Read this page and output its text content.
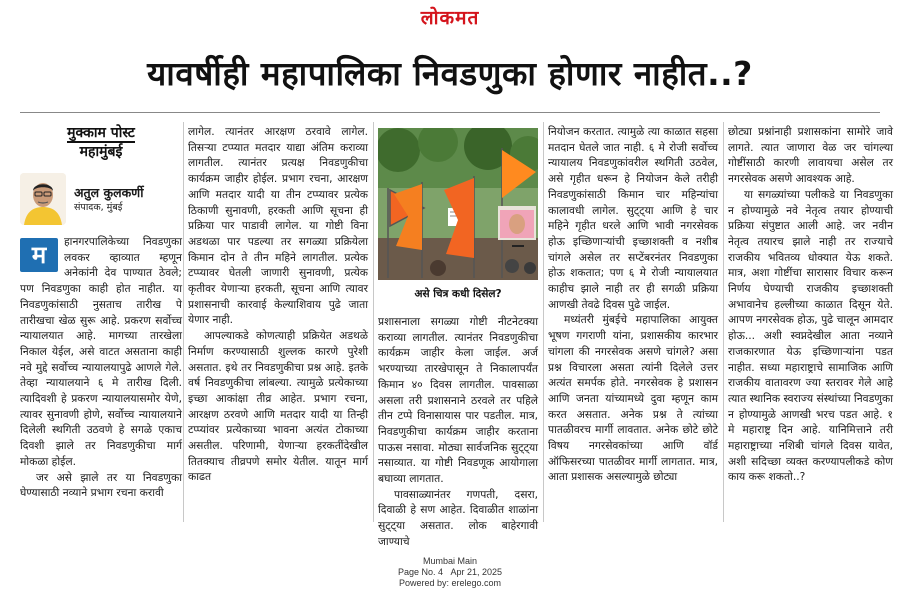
लोकमत
यावर्षीही महापालिका निवडणुका होणार नाहीत..?
मुक्काम पोस्ट
महामुंबई
अतुल कुलकर्णी
संपादक, मुंबई

म	हानगरपालिकेच्या निवडणुका लवकर व्हाव्यात म्हणून अनेकांनी देव पाण्यात ठेवले; पण निवडणुका काही होत नाहीत. या निवडणुकांसाठी नुसताच तारीख पे तारीखचा खेळ सुरू आहे. प्रकरण सर्वोच्च न्यायालयात आहे. मागच्या तारखेला निकाल येईल, असे वाटत असताना काही नवे मुद्दे सर्वोच्च न्यायालयापुढे आणले गेले. तेव्हा न्यायालयाने ६ मे तारीख दिली. त्यादिवशी हे प्रकरण न्यायालयासमोर येणे, त्यावर सुनावणी होणे, सर्वोच्च न्यायालयाने दिलेली स्थगिती उठवणे हे सगळे एकाच दिवशी झाले तर निवडणुकीचा मार्ग मोकळा होईल.

जर असे झाले तर या निवडणुका घेण्यासाठी नव्याने प्रभाग रचना करावी

लागेल. त्यानंतर आरक्षण ठरवावे लागेल. तिसऱ्या टप्प्यात मतदार याद्या अंतिम कराव्या लागतील. त्यानंतर प्रत्यक्ष निवडणुकीचा कार्यक्रम जाहीर होईल. प्रभाग रचना, आरक्षण आणि मतदार यादी या तीन टप्प्यावर प्रत्येक ठिकाणी सुनावणी, हरकती आणि सूचना ही प्रक्रिया पार पाडावी लागेल. या गोष्टी विना अडथळा पार पडल्या तर सगळ्या प्रक्रियेला किमान दोन ते तीन महिने लागतील. प्रत्येक टप्प्यावर घेतली जाणारी सुनावणी, प्रत्येक कृतीवर येणाऱ्या हरकती, सूचना आणि त्यावर प्रशासनाची कारवाई केल्याशिवाय पुढे जाता येणार नाही.

आपल्याकडे कोणत्याही प्रक्रियेत अडथळे निर्माण करण्यासाठी शुल्लक कारणे पुरेशी असतात. इथे तर निवडणुकीचा प्रश्न आहे. इतके वर्ष निवडणुकीचा लांबल्या. त्यामुळे प्रत्येकाच्या इच्छा आकांक्षा तीव्र आहेत. प्रभाग रचना, आरक्षण ठरवणे आणि मतदार यादी या तिन्ही टप्प्यांवर प्रत्येकाच्या भावना अत्यंत टोकाच्या असतील. परिणामी, येणाऱ्या हरकतींदेखील तितक्याच तीव्रपणे समोर येतील. यातून मार्ग काढत

असे चित्र कधी दिसेल?

प्रशासनाला सगळ्या गोष्टी नीटनेटक्या कराव्या लागतील. त्यानंतर निवडणुकीचा कार्यक्रम जाहीर केला जाईल. अर्ज भरण्याच्या तारखेपासून ते निकालापर्यंत किमान ४० दिवस लागतील. पावसाळा असला तरी प्रशासनाने ठरवले तर पहिले तीन टप्पे विनासायास पार पडतील. मात्र, निवडणुकीचा कार्यक्रम जाहीर करताना पाऊस नसावा. मोठ्या सार्वजनिक सुट्ट्या नसाव्यात. या गोष्टी निवडणूक आयोगाला बघाव्या लागतात.

पावसाळ्यानंतर गणपती, दसरा, दिवाळी हे सण आहेत. दिवाळीत शाळांना सुट्ट्या असतात. लोक बाहेरगावी जाण्याचे

नियोजन करतात. त्यामुळे त्या काळात सहसा मतदान घेतले जात नाही. ६ मे रोजी सर्वोच्च न्यायालय निवडणुकांवरील स्थगिती उठवेल, असे गृहीत धरून हे नियोजन केले तरीही निवडणुकांसाठी किमान चार महिन्यांचा कालावधी लागेल. सुट्ट्या आणि हे चार महिने गृहीत धरले आणि भावी नगरसेवक होऊ इच्छिणाऱ्यांची इच्छाशक्ती व नशीब चांगले असेल तर सप्टेंबरनंतर निवडणुका होऊ शकतात; पण ६ मे रोजी न्यायालयात काहीच झाले नाही तर ही सगळी प्रक्रिया आणखी तेवढे दिवस पुढे जाईल.

मध्यंतरी मुंबईचे महापालिका आयुक्त भूषण गगराणी यांना, प्रशासकीय कारभार चांगला की नगरसेवक असणे चांगले? असा प्रश्न विचारला असता त्यांनी दिलेले उत्तर अत्यंत समर्पक होते. नगरसेवक हे प्रशासन आणि जनता यांच्यामध्ये दुवा म्हणून काम करत असतात. अनेक प्रश्न ते त्यांच्या पातळीवरच मार्गी लावतात. अनेक छोटे छोटे विषय नगरसेवकांच्या आणि वॉर्ड ऑफिसरच्या पातळीवर मार्गी लागतात. मात्र, आता प्रशासक असल्यामुळे छोट्या

छोट्या प्रश्नांनाही प्रशासकांना सामोरे जावे लागते. त्यात जाणारा वेळ जर चांगल्या गोष्टींसाठी कारणी लावायचा असेल तर नगरसेवक असणे आवश्यक आहे.

या सगळ्यांच्या पलीकडे या निवडणुका न होण्यामुळे नवे नेतृत्व तयार होण्याची प्रक्रिया संपुष्टात आली आहे. जर नवीन नेतृत्व तयारच झाले नाही तर राज्याचे राजकीय भवितव्य धोक्यात येऊ शकते. मात्र, अशा गोष्टींचा सारासार विचार करून निर्णय घेण्याची राजकीय इच्छाशक्ती अभावानेच हल्लीच्या काळात दिसून येते. आपण नगरसेवक होऊ, पुढे चालून आमदार होऊ... अशी स्वप्नदेखील आता नव्याने राजकारणात येऊ इच्छिणाऱ्यांना पडत नाहीत. सध्या महाराष्ट्राचे सामाजिक आणि राजकीय वातावरण ज्या स्तरावर गेले आहे त्यात स्थानिक स्वराज्य संस्थांच्या निवडणुका न होण्यामुळे आणखी भरच पडत आहे. १ मे महाराष्ट्र दिन आहे. यानिमित्ताने तरी महाराष्ट्राच्या नशिबी चांगले दिवस यावेत, अशी सदिच्छा व्यक्त करण्यापलीकडे कोण काय करू शकतो..?

Mumbai Main
Page No. 4 Apr 21, 2025
Powered by: erelego.com
